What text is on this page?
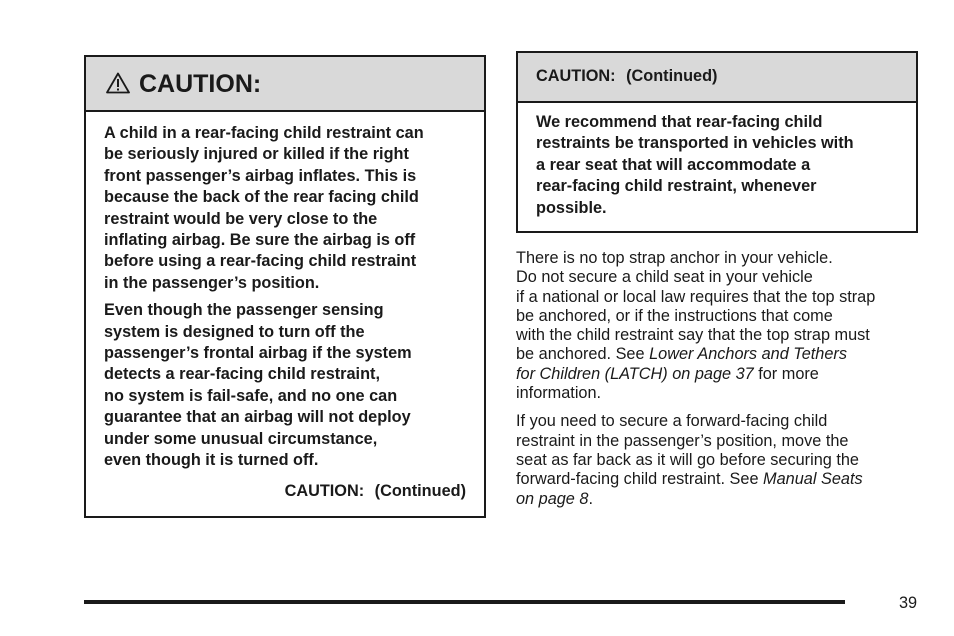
CAUTION:
A child in a rear-facing child restraint can
be seriously injured or killed if the right
front passenger’s airbag inflates. This is
because the back of the rear facing child
restraint would be very close to the
inflating airbag. Be sure the airbag is off
before using a rear-facing child restraint
in the passenger’s position.
Even though the passenger sensing
system is designed to turn off the
passenger’s frontal airbag if the system
detects a rear-facing child restraint,
no system is fail-safe, and no one can
guarantee that an airbag will not deploy
under some unusual circumstance,
even though it is turned off.
CAUTION: (Continued)
CAUTION: (Continued)
We recommend that rear-facing child
restraints be transported in vehicles with
a rear seat that will accommodate a
rear-facing child restraint, whenever
possible.

There is no top strap anchor in your vehicle.
Do not secure a child seat in your vehicle
if a national or local law requires that the top strap
be anchored, or if the instructions that come
with the child restraint say that the top strap must
be anchored. See Lower Anchors and Tethers
for Children (LATCH) on page 37 for more
information.

If you need to secure a forward-facing child
restraint in the passenger’s position, move the
seat as far back as it will go before securing the
forward-facing child restraint. See Manual Seats
on page 8.

39
